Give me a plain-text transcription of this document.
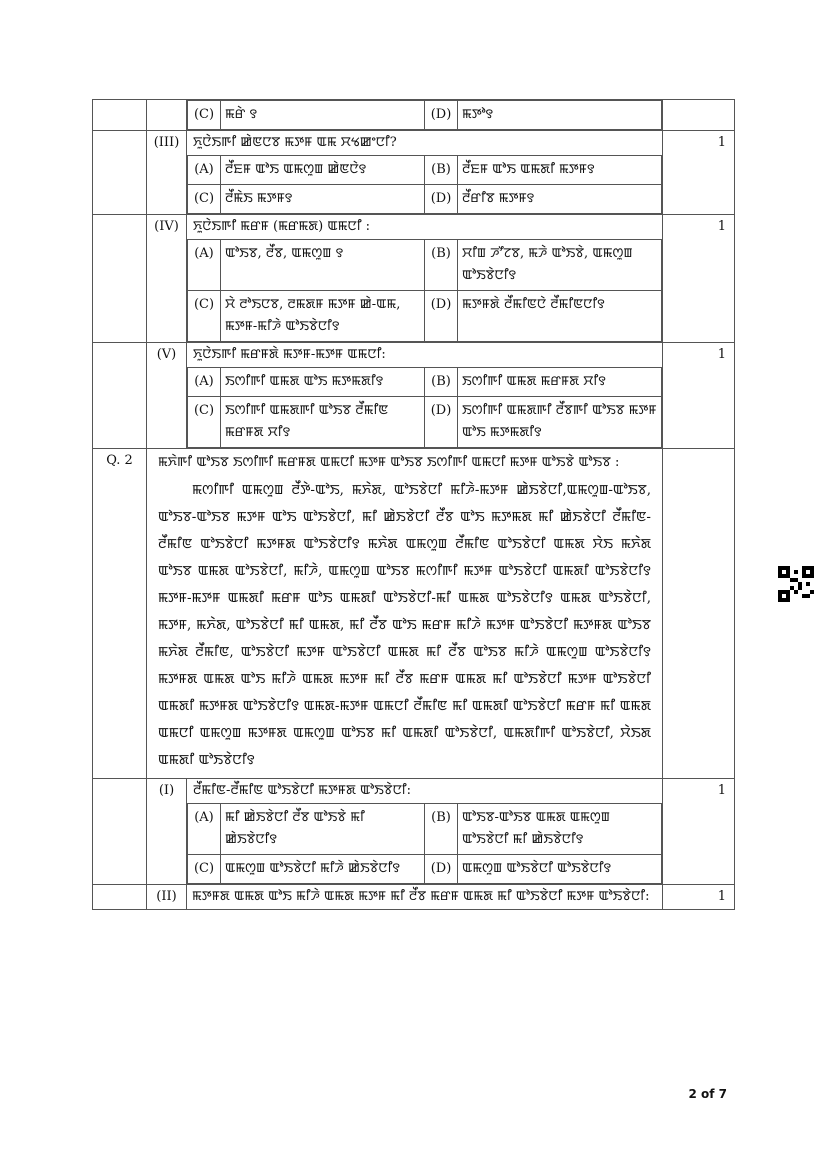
(C)	ꯃꯔꯥ ꯱	(D)	ꯃꯇꯣ꯱

	(III)	ꯈꯨꯅꯥꯏꯒꯤ ꯀꯥꯟꯅꯕ ꯃꯇꯝ ꯑꯃ ꯆꯠꯀꯦꯅꯤ?
(A)	ꯂꯩꯐꯝ ꯑꯣꯏ ꯑꯃꯁꯨꯡ ꯀꯥꯟꯅꯥ꯱	(B)	ꯂꯩꯐꯝ ꯑꯣꯏ ꯑꯃꯗꯤ ꯃꯇꯝ꯱
(C)	ꯂꯩꯃꯥꯏ ꯃꯇꯝ꯱	(D)	ꯂꯩꯔꯤꯕ ꯃꯇꯝ꯱
	1
	(IV)	ꯈꯨꯅꯥꯏꯒꯤ ꯃꯔꯝ (ꯃꯔꯃꯗ) ꯑꯃꯅꯤ :
(A)	ꯑꯣꯏꯕ, ꯂꯩꯕ, ꯑꯃꯁꯨꯡ ꯱	(B)	ꯆꯤꯡ ꯍꯧꯖꯕ, ꯃꯍꯥ ꯑꯣꯏꯕꯥ, ꯑꯃꯁꯨꯡ ꯑꯣꯏꯕꯥꯅꯤ꯱
(C)	ꯆꯥ ꯂꯣꯏꯅꯕ, ꯂꯃꯗꯝ ꯃꯇꯝ ꯀꯥ-ꯑꯃ, ꯃꯇꯝ-ꯃꯤꯍꯥ ꯑꯣꯏꯕꯥꯅꯤ꯱	(D)	ꯃꯇꯝꯗꯥ ꯂꯩꯃꯤꯟꯅꯥ ꯂꯩꯃꯤꯟꯅꯤ꯱
	1
	(V)	ꯈꯨꯅꯥꯏꯒꯤ ꯃꯔꯝꯗꯥ ꯃꯇꯝ-ꯃꯇꯝ ꯑꯃꯅꯤ:
(A)	ꯏꯁꯤꯒꯤ ꯑꯃꯗ ꯑꯣꯏ ꯃꯇꯃꯗꯤ꯱	(B)	ꯏꯁꯤꯒꯤ ꯑꯃꯗ ꯃꯔꯝꯗ ꯆꯤ꯱
(C)	ꯏꯁꯤꯒꯤ ꯑꯃꯗꯒꯤ ꯑꯣꯏꯕ ꯂꯩꯃꯤꯟ ꯃꯔꯝꯗ ꯆꯤ꯱	(D)	ꯏꯁꯤꯒꯤ ꯑꯃꯗꯒꯤ ꯂꯩꯕꯒꯤ ꯑꯣꯏꯕ ꯃꯇꯝ ꯑꯣꯏ ꯃꯇꯃꯗꯤ꯱
	1
Q. 2	ꯃꯈꯥꯒꯤ ꯑꯣꯏꯕ ꯏꯁꯤꯒꯤ ꯃꯔꯝꯗ ꯑꯃꯅꯤ ꯃꯇꯝ ꯑꯣꯏꯕ ꯏꯁꯤꯒꯤ ꯑꯃꯅꯤ ꯃꯇꯝ ꯑꯣꯏꯕꯥ ꯑꯣꯏꯕ :
ꯃꯁꯤꯒꯤ ꯑꯃꯁꯨꯡ ꯂꯩꯇꯥ-ꯑꯣꯏ, ꯃꯈꯥꯗ, ꯑꯣꯏꯕꯥꯅꯤ ꯃꯤꯍꯥ-ꯃꯇꯝ ꯀꯥꯏꯕꯥꯅꯤ,ꯑꯃꯁꯨꯡ-ꯑꯣꯏꯕ, ꯑꯣꯏꯕ-ꯑꯣꯏꯕ ꯃꯇꯝ ꯑꯣꯏ ꯑꯣꯏꯕꯥꯅꯤ, ꯃꯤ ꯀꯥꯏꯕꯥꯅꯤ ꯂꯩꯕ ꯑꯣꯏ ꯃꯇꯃꯗ ꯃꯤ ꯀꯥꯏꯕꯥꯅꯤ ꯂꯩꯃꯤꯟ-ꯂꯩꯃꯤꯟ ꯑꯣꯏꯕꯥꯅꯤ ꯃꯇꯝꯗ ꯑꯣꯏꯕꯥꯅꯤ꯱ ꯃꯈꯥꯗ ꯑꯃꯁꯨꯡ ꯂꯩꯃꯤꯟ ꯑꯣꯏꯕꯥꯅꯤ ꯑꯃꯗ ꯆꯥꯏ ꯃꯈꯥꯗ ꯑꯣꯏꯕ ꯑꯃꯗ ꯑꯣꯏꯕꯥꯅꯤ, ꯃꯤꯍꯥ, ꯑꯃꯁꯨꯡ ꯑꯣꯏꯕ ꯃꯁꯤꯒꯤ ꯃꯇꯝ ꯑꯣꯏꯕꯥꯅꯤ ꯑꯃꯗꯤ ꯑꯣꯏꯕꯥꯅꯤ꯱ ꯃꯇꯝ-ꯃꯇꯝ ꯑꯃꯗꯤ ꯃꯔꯝ ꯑꯣꯏ ꯑꯃꯗꯤ ꯑꯣꯏꯕꯥꯅꯤ-ꯃꯤ ꯑꯃꯗ ꯑꯣꯏꯕꯥꯅꯤ꯱ ꯑꯃꯗ ꯑꯣꯏꯕꯥꯅꯤ, ꯃꯇꯝ, ꯃꯈꯥꯗ, ꯑꯣꯏꯕꯥꯅꯤ ꯃꯤ ꯑꯃꯗ, ꯃꯤ ꯂꯩꯕ ꯑꯣꯏ ꯃꯔꯝ ꯃꯤꯍꯥ ꯃꯇꯝ ꯑꯣꯏꯕꯥꯅꯤ ꯃꯇꯝꯗ ꯑꯣꯏꯕ ꯃꯈꯥꯗ ꯂꯩꯃꯤꯟ, ꯑꯣꯏꯕꯥꯅꯤ ꯃꯇꯝ ꯑꯣꯏꯕꯥꯅꯤ ꯑꯃꯗ ꯃꯤ ꯂꯩꯕ ꯑꯣꯏꯕ ꯃꯤꯍꯥ ꯑꯃꯁꯨꯡ ꯑꯣꯏꯕꯥꯅꯤ꯱ ꯃꯇꯝꯗ ꯑꯃꯗ ꯑꯣꯏ ꯃꯤꯍꯥ ꯑꯃꯗ ꯃꯇꯝ ꯃꯤ ꯂꯩꯕ ꯃꯔꯝ ꯑꯃꯗ ꯃꯤ ꯑꯣꯏꯕꯥꯅꯤ ꯃꯇꯝ ꯑꯣꯏꯕꯥꯅꯤ ꯑꯃꯗꯤ ꯃꯇꯝꯗ ꯑꯣꯏꯕꯥꯅꯤ꯱ ꯑꯃꯗ-ꯃꯇꯝ ꯑꯃꯅꯤ ꯂꯩꯃꯤꯟ ꯃꯤ ꯑꯃꯗꯤ ꯑꯣꯏꯕꯥꯅꯤ ꯃꯔꯝ ꯃꯤ ꯑꯃꯗ ꯑꯃꯅꯤ ꯑꯃꯁꯨꯡ ꯃꯇꯝꯗ ꯑꯃꯁꯨꯡ ꯑꯣꯏꯕ ꯃꯤ ꯑꯃꯗꯤ ꯑꯣꯏꯕꯥꯅꯤ, ꯑꯃꯗꯤꯒꯤ ꯑꯣꯏꯕꯥꯅꯤ, ꯆꯥꯏꯗ ꯑꯃꯗꯤ ꯑꯣꯏꯕꯥꯅꯤ꯱

	(I)	ꯂꯩꯃꯤꯟ-ꯂꯩꯃꯤꯟ ꯑꯣꯏꯕꯥꯅꯤ ꯃꯇꯝꯗ ꯑꯣꯏꯕꯥꯅꯤ:
(A)	ꯃꯤ ꯀꯥꯏꯕꯥꯅꯤ ꯂꯩꯕ ꯑꯣꯏꯕꯥ ꯃꯤ ꯀꯥꯏꯕꯥꯅꯤ꯱	(B)	ꯑꯣꯏꯕ-ꯑꯣꯏꯕ ꯑꯃꯗ ꯑꯃꯁꯨꯡ ꯑꯣꯏꯕꯥꯅꯤ ꯃꯤ ꯀꯥꯏꯕꯥꯅꯤ꯱
(C)	ꯑꯃꯁꯨꯡ ꯑꯣꯏꯕꯥꯅꯤ ꯃꯤꯍꯥ ꯀꯥꯏꯕꯥꯅꯤ꯱	(D)	ꯑꯃꯁꯨꯡ ꯑꯣꯏꯕꯥꯅꯤ ꯑꯣꯏꯕꯥꯅꯤ꯱
	1
	(II)	ꯃꯇꯝꯗ ꯑꯃꯗ ꯑꯣꯏ ꯃꯤꯍꯥ ꯑꯃꯗ ꯃꯇꯝ ꯃꯤ ꯂꯩꯕ ꯃꯔꯝ ꯑꯃꯗ ꯃꯤ ꯑꯣꯏꯕꯥꯅꯤ ꯃꯇꯝ ꯑꯣꯏꯕꯥꯅꯤ:	1
2 of 7
